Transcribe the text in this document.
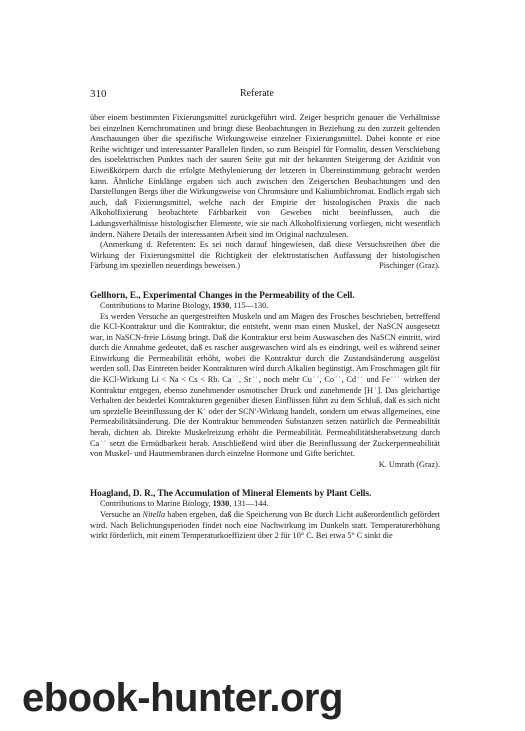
310	Referate

über einem bestimmten Fixierungsmittel zurückgeführt wird. Zeiger bespricht genauer die Verhältnisse bei einzelnen Kernchromatinen und bringt diese Beobachtungen in Beziehung zu den zurzeit geltenden Anschauungen über die spezifische Wirkungsweise einzelner Fixierungsmittel. Dabei konnte er eine Reihe wichtiger und interessanter Parallelen finden, so zum Beispiel für Formalin, dessen Verschiebung des isoelektrischen Punktes nach der sauren Seite gut mit der bekannten Steigerung der Azidität von Eiweißkörpern durch die erfolgte Methylenierung der letzeren in Übereinstimmung gebracht werden kann. Ähnliche Einklänge ergaben sich auch zwischen den Zeigerschen Beobachtungen und den Darstellungen Bergs über die Wirkungsweise von Chromsäure und Kaliumbichromat. Endlich ergab sich auch, daß Fixierungsmittel, welche nach der Empirie der histologischen Praxis die nach Alkoholfixierung beobachtete Färbbarkeit von Geweben nicht beeinflussen, auch die Ladungsverhältnisse histologischer Elemente, wie sie nach Alkoholfixierung vorliegen, nicht wesentlich ändern. Nähere Details der interessanten Arbeit sind im Original nachzulesen.

(Anmerkung d. Referenten: Es sei noch darauf hingewiesen, daß diese Versuchsreihen über die Wirkung der Fixierungsmittel die Richtigkeit der elektrostatischen Auffassung der histologischen Färbung im speziellen neuerdings beweisen.)	Pischinger (Graz).

Gellhorn, E., Experimental Changes in the Permeability of the Cell.
Contributions to Marine Biology, 1930, 115—130.

Es werden Versuche an quergestreiften Muskeln und am Magen des Frosches beschrieben, betreffend die KCl-Kontraktur und die Kontraktur, die entsteht, wenn man einen Muskel, der NaSCN ausgesetzt war, in NaSCN-freie Lösung bringt. Daß die Kontraktur erst beim Auswaschen des NaSCN eintritt, wird durch die Annahme gedeutet, daß es rascher ausgewaschen wird als es eindringt, weil es während seiner Einwirkung die Permeabilität erhöht, wobei die Kontraktur durch die Zustandsänderung ausgelöst werden soll. Das Eintreten beider Kontrakturen wird durch Alkalien begünstigt. Am Froschmagen gilt für die KCl-Wirkung Li < Na < Cs < Rb. Ca˙˙, Sr˙˙, noch mehr Cu˙˙, Co˙˙, Cd˙˙ und Fe˙˙˙ wirken der Kontraktur entgegen, ebenso zunehmender osmotischer Druck und zunehmende [H˙]. Das gleichartige Verhalten der beiderlei Kontrakturen gegenüber diesen Einflüssen führt zu dem Schluß, daß es sich nicht um spezielle Beeinflussung der K˙ oder der SCN′-Wirkung handelt, sondern um etwas allgemeines, eine Permeabilitätsänderung. Die der Kontraktur hemmenden Substanzen setzen natürlich die Permeabilität herab, dichten ab. Direkte Muskelreizung erhöht die Permeabilität. Permeabilitätsherabsetzung durch Ca˙˙ setzt die Ermüdbarkeit herab. Anschließend wird über die Beeinflussung der Zuckerpermeabilität von Muskel- und Hautmembranen durch einzelne Hormone und Gifte berichtet.

K. Umrath (Graz).

Hoagland, D. R., The Accumulation of Mineral Elements by Plant Cells.
Contributions to Marine Biology, 1930, 131—144.

Versuche an Nitella haben ergeben, daß die Speicherung von Br durch Licht außerordentlich gefördert wird. Nach Belichtungsperioden findet noch eine Nachwirkung im Dunkeln statt. Temperaturerhöhung wirkt förderlich, mit einem Temperaturkoeffizient über 2 für 10° C. Bei etwa 5° C sinkt die

ebook-hunter.org
